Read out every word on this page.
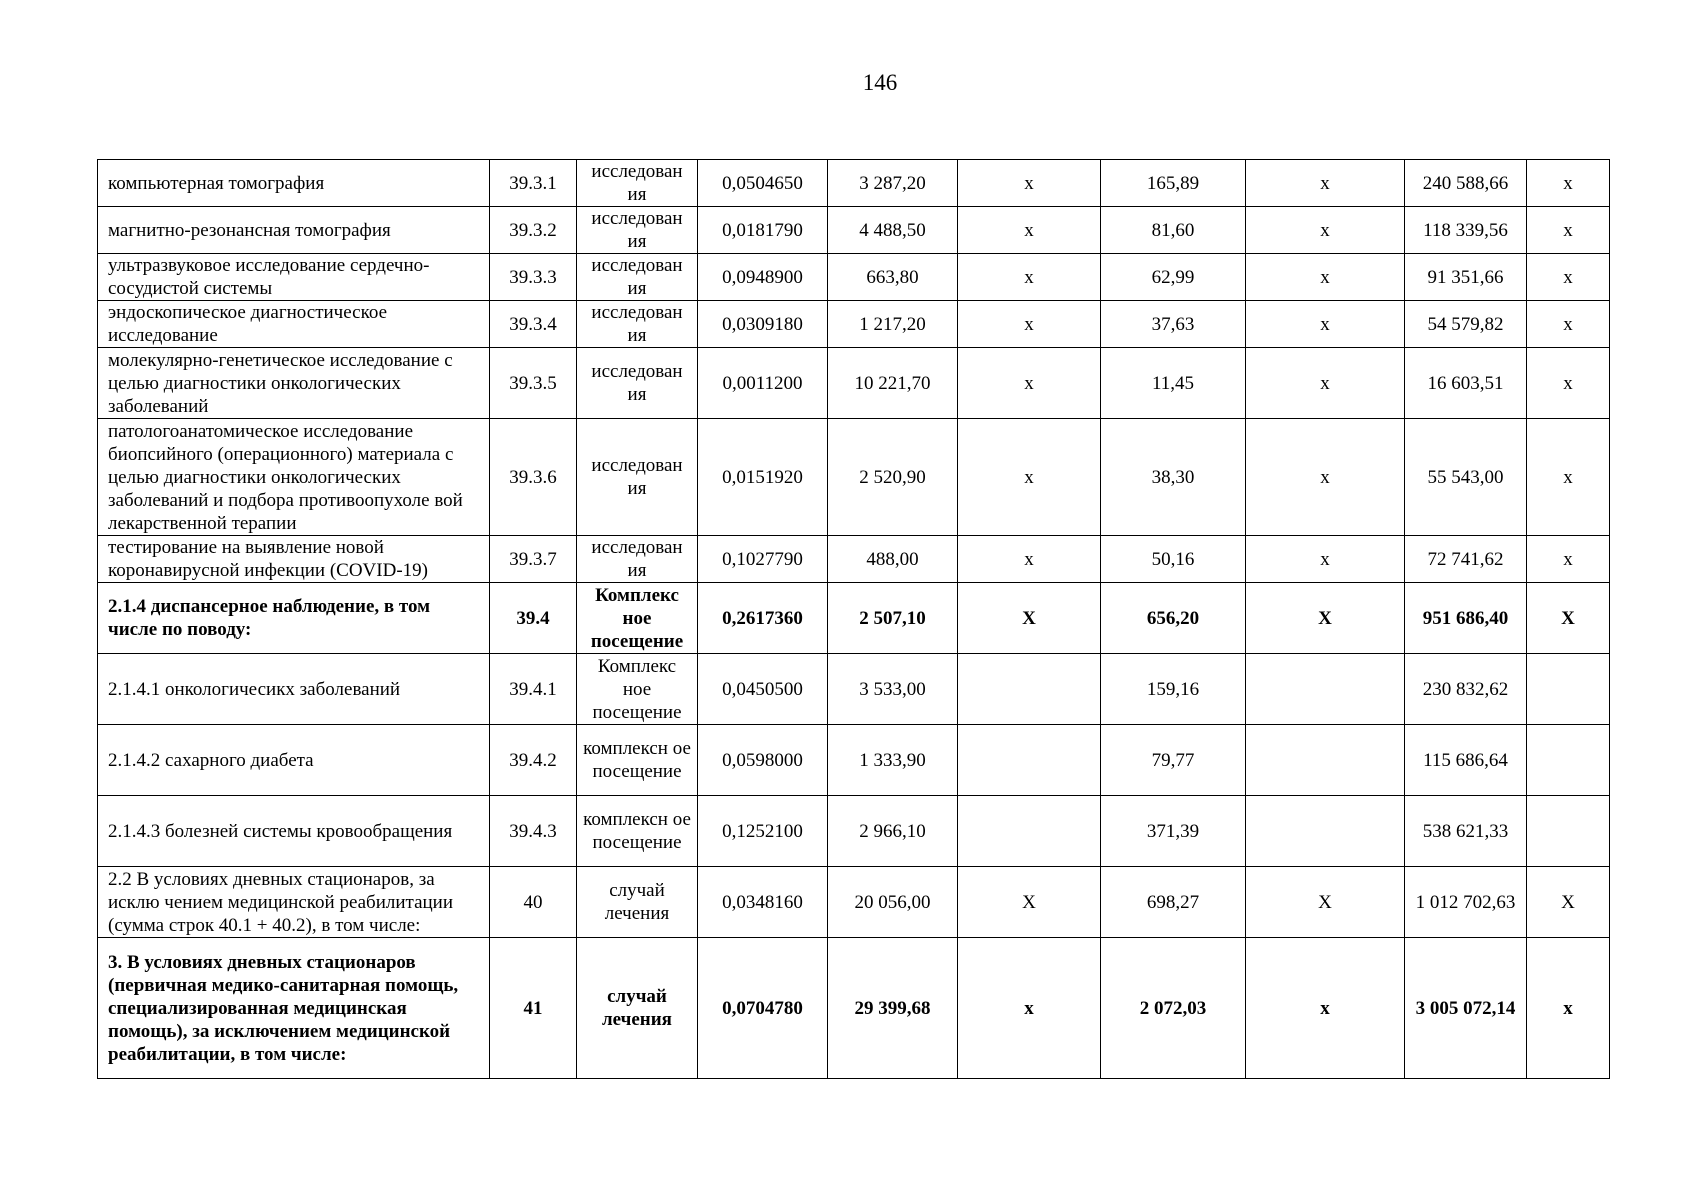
146
компьютерная томография	39.3.1	исследован ия	0,0504650	3 287,20	х	165,89	х	240 588,66	х
магнитно-резонансная томография	39.3.2	исследован ия	0,0181790	4 488,50	х	81,60	х	118 339,56	х
ультразвуковое исследование сердечно-сосудистой системы	39.3.3	исследован ия	0,0948900	663,80	х	62,99	х	91 351,66	х
эндоскопическое диагностическое исследование	39.3.4	исследован ия	0,0309180	1 217,20	х	37,63	х	54 579,82	х
молекулярно-генетическое исследование с целью диагностики онкологических заболеваний	39.3.5	исследован ия	0,0011200	10 221,70	х	11,45	х	16 603,51	х
патологоанатомическое исследование биопсийного (операционного) материала с целью диагностики онкологических заболеваний и подбора противоопухоле вой лекарственной терапии	39.3.6	исследован ия	0,0151920	2 520,90	х	38,30	х	55 543,00	х
тестирование на выявление новой коронавирусной инфекции (COVID-19)	39.3.7	исследован ия	0,1027790	488,00	х	50,16	х	72 741,62	х
2.1.4 диспансерное наблюдение, в том числе по поводу:	39.4	Комплекс ное посещение	0,2617360	2 507,10	Х	656,20	Х	951 686,40	Х
2.1.4.1 онкологичесикх заболеваний	39.4.1	Комплекс ное посещение	0,0450500	3 533,00		159,16		230 832,62	
2.1.4.2 сахарного диабета	39.4.2	комплексн ое посещение	0,0598000	1 333,90		79,77		115 686,64	
2.1.4.3 болезней системы кровообращения	39.4.3	комплексн ое посещение	0,1252100	2 966,10		371,39		538 621,33	
2.2 В условиях дневных стационаров, за исклю чением медицинской реабилитации (сумма строк 40.1 + 40.2), в том числе:	40	случай лечения	0,0348160	20 056,00	Х	698,27	Х	1 012 702,63	Х
3. В условиях дневных стационаров (первичная медико-санитарная помощь, специализированная медицинская помощь), за исключением медицинской реабилитации, в том числе:	41	случай лечения	0,0704780	29 399,68	х	2 072,03	х	3 005 072,14	х
